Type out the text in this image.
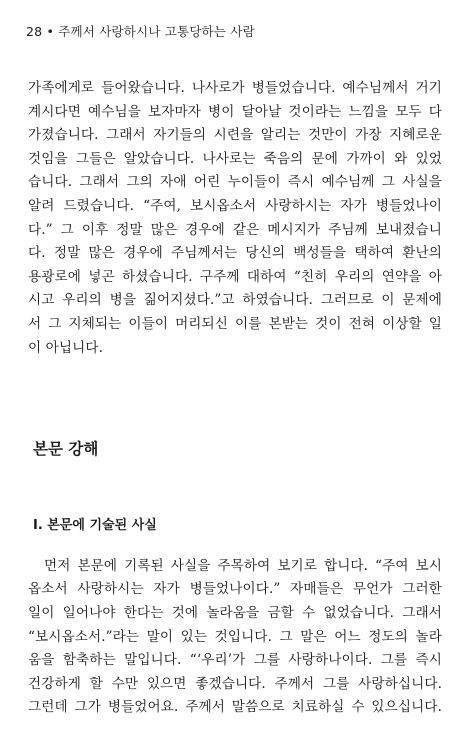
28 • 주께서 사랑하시나 고통당하는 사람
가족에게로 들어왔습니다. 나사로가 병들었습니다. 예수님께서 거기
계시다면 예수님을 보자마자 병이 달아날 것이라는 느낌을 모두 다
가졌습니다. 그래서 자기들의 시련을 알리는 것만이 가장 지혜로운
것임을 그들은 알았습니다. 나사로는 죽음의 문에 가까이 와 있었
습니다. 그래서 그의 자애 어린 누이들이 즉시 예수님께 그 사실을
알려 드렸습니다. “주여, 보시옵소서 사랑하시는 자가 병들었나이
다.” 그 이후 정말 많은 경우에 같은 메시지가 주님께 보내졌습니
다. 정말 많은 경우에 주님께서는 당신의 백성들을 택하여 환난의
용광로에 넣곤 하셨습니다. 구주께 대하여 “친히 우리의 연약을 아
시고 우리의 병을 짊어지셨다.”고 하였습니다. 그러므로 이 문제에
서 그 지체되는 이들이 머리되신 이를 본받는 것이 전혀 이상할 일
이 아닙니다.
본문 강해
I. 본문에 기술된 사실
먼저 본문에 기록된 사실을 주목하여 보기로 합니다. “주여 보시
옵소서 사랑하시는 자가 병들었나이다.” 자매들은 무언가 그러한
일이 일어나야 한다는 것에 놀라움을 금할 수 없었습니다. 그래서
“보시옵소서.”라는 말이 있는 것입니다. 그 말은 어느 정도의 놀라
움을 함축하는 말입니다. “‘우리’가 그를 사랑하나이다. 그를 즉시
건강하게 할 수만 있으면 좋겠습니다. 주께서 그를 사랑하십니다.
그런데 그가 병들었어요. 주께서 말씀으로 치료하실 수 있으십니다.
